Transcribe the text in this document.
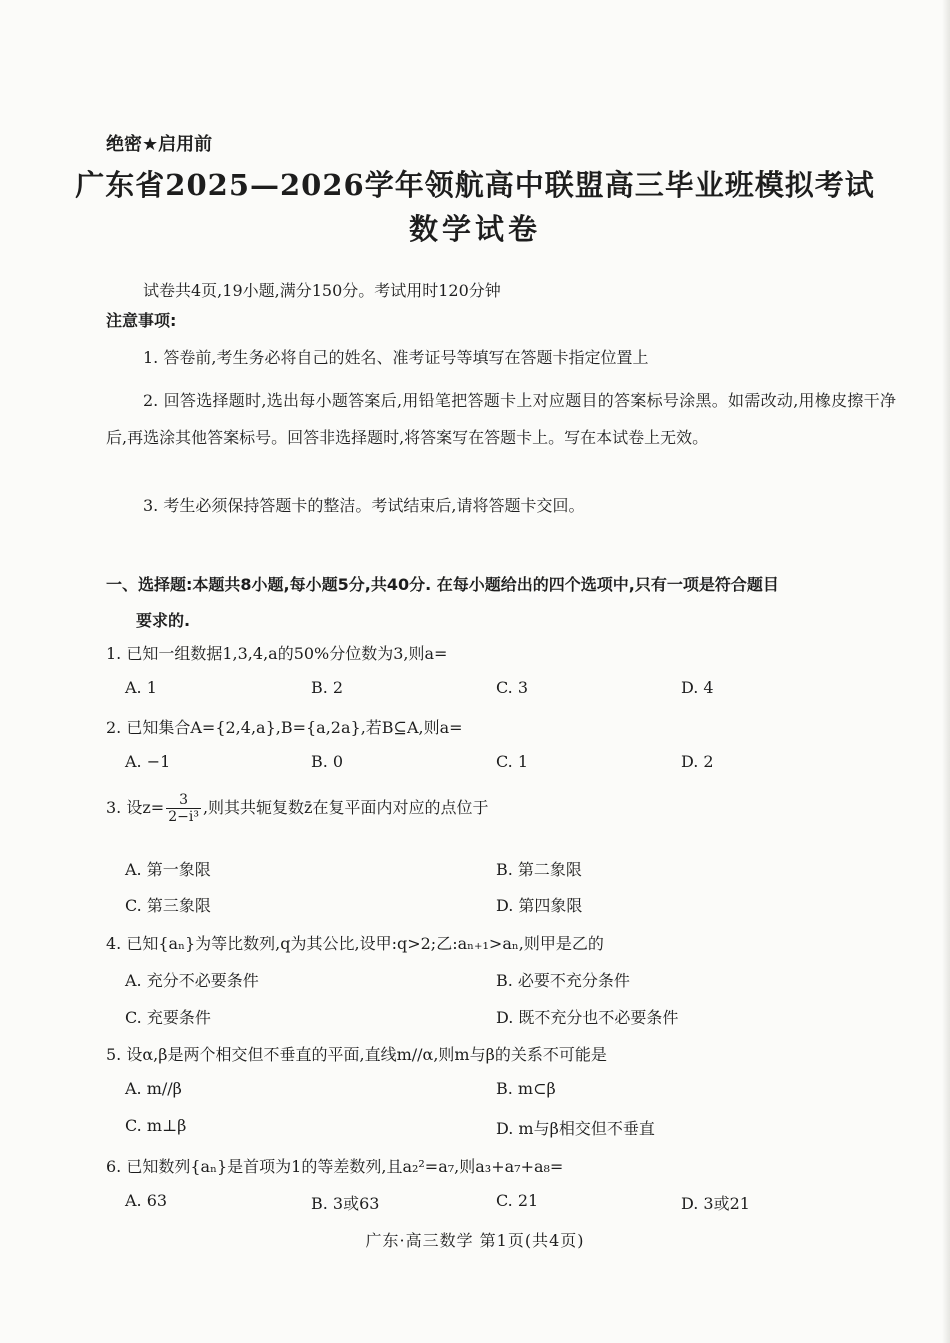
绝密★启用前
广东省2025—2026学年领航高中联盟高三毕业班模拟考试
数学试卷
试卷共4页,19小题,满分150分。考试用时120分钟
注意事项:
1. 答卷前,考生务必将自己的姓名、准考证号等填写在答题卡指定位置上
2. 回答选择题时,选出每小题答案后,用铅笔把答题卡上对应题目的答案标号涂黑。如需改动,用橡皮擦干净后,再选涂其他答案标号。回答非选择题时,将答案写在答题卡上。写在本试卷上无效。
3. 考生必须保持答题卡的整洁。考试结束后,请将答题卡交回。
一、选择题:本题共8小题,每小题5分,共40分. 在每小题给出的四个选项中,只有一项是符合题目
要求的.
1. 已知一组数据1,3,4,a的50%分位数为3,则a=
A. 1	B. 2	C. 3	D. 4
2. 已知集合A={2,4,a},B={a,2a},若B⊆A,则a=
A. −1	B. 0	C. 1	D. 2
3. 设$z= \frac{3}{\text{2−i³}}$ ,则其共轭复数z̄在复平面内对应的点位于
A. 第一象限	B. 第二象限
C. 第三象限	D. 第四象限
4. 已知{aₙ}为等比数列,q为其公比,设甲:q>2;乙:aₙ₊₁>aₙ,则甲是乙的
A. 充分不必要条件	B. 必要不充分条件
C. 充要条件	D. 既不充分也不必要条件
5. 设α,β是两个相交但不垂直的平面,直线m//α,则m与β的关系不可能是
A. m//β	B. m⊂β
C. m⊥β	D. m与β相交但不垂直
6. 已知数列{aₙ}是首项为1的等差数列,且a₂²=a₇,则a₃+a₇+a₈=
A. 63	B. 3或63	C. 21	D. 3或21
广东·高三数学 第1页(共4页)
